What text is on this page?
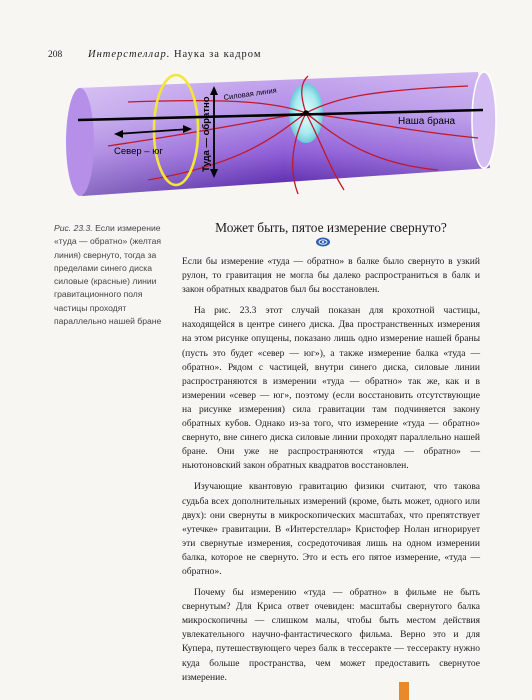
208 Интерстеллар. Наука за кадром
Север – юг	Туда — обратно
Силовая линия
Наша брана
Рис. 23.3. Если измерение «туда — обратно» (желтая линия) свернуто, тогда за пределами синего диска силовые (красные) линии гравитационного поля частицы проходят параллельно нашей бране
Может быть, пятое измерение свернуто?

Если бы измерение «туда — обратно» в балке было свернуто в узкий рулон, то гравитация не могла бы далеко распространиться в балк и закон обратных квадратов был бы восстановлен.

На рис. 23.3 этот случай показан для крохотной частицы, находящейся в центре синего диска. Два пространственных измерения на этом рисунке опущены, показано лишь одно измерение нашей браны (пусть это будет «север — юг»), а также измерение балка «туда — обратно». Рядом с частицей, внутри синего диска, силовые линии распространяются в измерении «туда — обратно» так же, как и в измерении «север — юг», поэтому (если восстановить отсутствующие на рисунке измерения) сила гравитации там подчиняется закону обратных кубов. Однако из-за того, что измерение «туда — обратно» свернуто, вне синего диска силовые линии проходят параллельно нашей бране. Они уже не распространяются «туда — обратно» — ньютоновский закон обратных квадратов восстановлен.

Изучающие квантовую гравитацию физики считают, что такова судьба всех дополнительных измерений (кроме, быть может, одного или двух): они свернуты в микроскопических масштабах, что препятствует «утечке» гравитации. В «Интерстеллар» Кристофер Нолан игнорирует эти свернутые измерения, сосредоточивая лишь на одном измерении балка, которое не свернуто. Это и есть его пятое измерение, «туда — обратно».

Почему бы измерению «туда — обратно» в фильме не быть свернутым? Для Криса ответ очевиден: масштабы свернутого балка микроскопичны — слишком малы, чтобы быть местом действия увлекательного научно-фантастического фильма. Верно это и для Купера, путешествующего через балк в тессеракте — тессеракту нужно куда больше пространства, чем может предоставить свернутое измерение.
